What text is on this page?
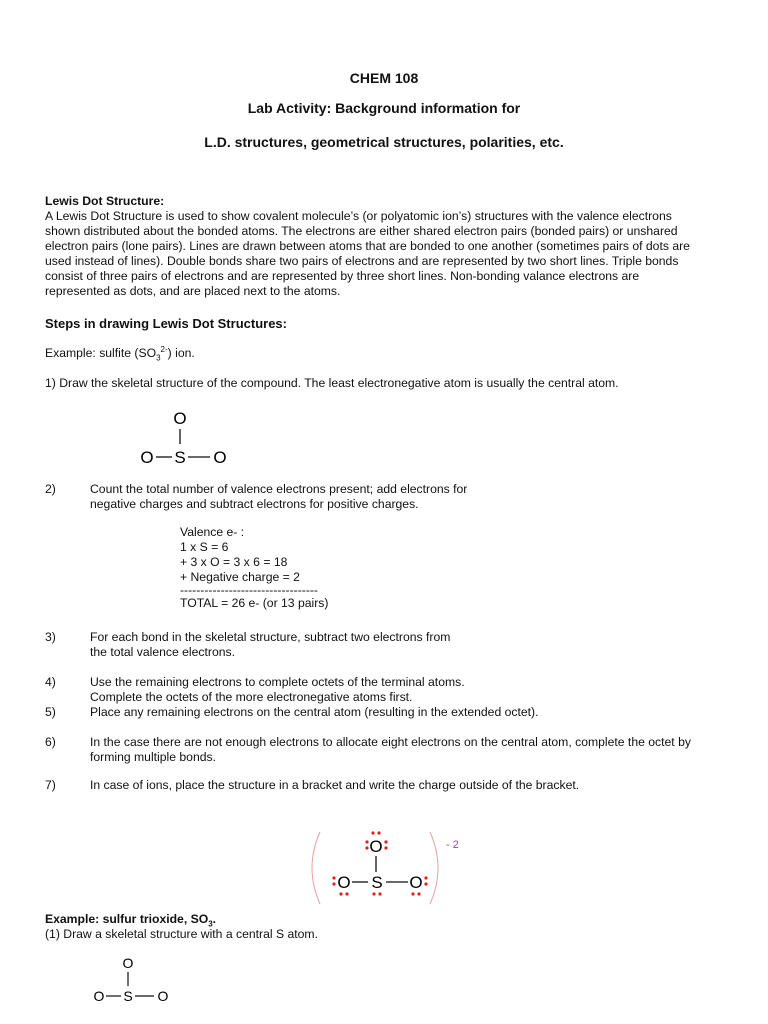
CHEM 108
Lab Activity: Background information for
L.D. structures, geometrical structures, polarities, etc.
Lewis Dot Structure:
A Lewis Dot Structure is used to show covalent molecule’s (or polyatomic ion’s) structures with the valence electrons
shown distributed about the bonded atoms. The electrons are either shared electron pairs (bonded pairs) or unshared
electron pairs (lone pairs). Lines are drawn between atoms that are bonded to one another (sometimes pairs of dots are
used instead of lines). Double bonds share two pairs of electrons and are represented by two short lines. Triple bonds
consist of three pairs of electrons and are represented by three short lines. Non-bonding valance electrons are
represented as dots, and are placed next to the atoms.
Steps in drawing Lewis Dot Structures:
Example: sulfite $(SO_3^{2-})$ ion.
1) Draw the skeletal structure of the compound. The least electronegative atom is usually the central atom.
O
O S O
2)	Count the total number of valence electrons present; add electrons for
negative charges and subtract electrons for positive charges.
Valence e- :
1 x S = 6
+ 3 x O = 3 x 6 = 18
+ Negative charge = 2
----------------------------------
TOTAL = 26 e- (or 13 pairs)
3)	For each bond in the skeletal structure, subtract two electrons from
the total valence electrons.
4)	Use the remaining electrons to complete octets of the terminal atoms.
Complete the octets of the more electronegative atoms first.
5)	Place any remaining electrons on the central atom (resulting in the extended octet).
6)	In the case there are not enough electrons to allocate eight electrons on the central atom, complete the octet by
forming multiple bonds.
7)	In case of ions, place the structure in a bracket and write the charge outside of the bracket.
- 2
O
O S O
Example: sulfur trioxide, $SO_3$.
(1) Draw a skeletal structure with a central S atom.
O
O S O
